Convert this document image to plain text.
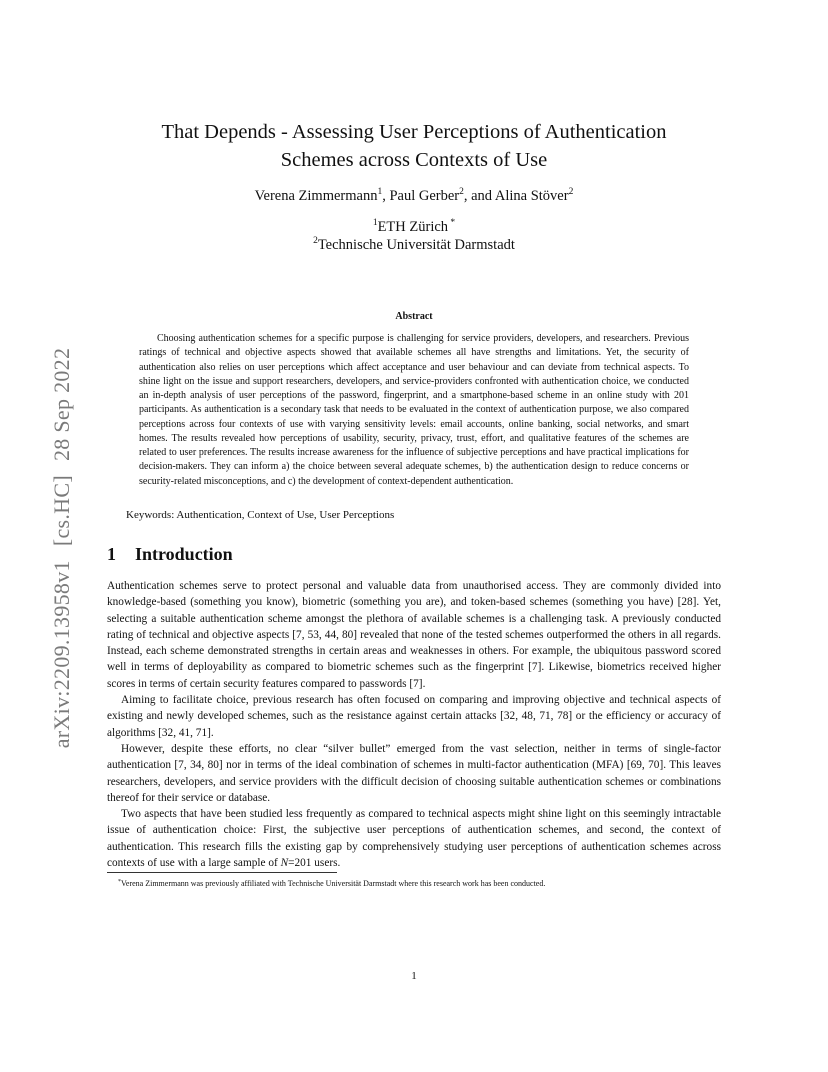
arXiv:2209.13958v1[cs.HC]28 Sep 2022
That Depends - Assessing User Perceptions of Authentication
Schemes across Contexts of Use
Verena Zimmermann$^1$, Paul Gerber$^2$, and Alina Stöver$^2$
$^1$ETH Zürich *
$^2$Technische Universität Darmstadt
Abstract

Choosing authentication schemes for a specific purpose is challenging for service providers, developers, and researchers. Previous ratings of technical and objective aspects showed that available schemes all have strengths and limitations. Yet, the security of authentication also relies on user perceptions which affect acceptance and user behaviour and can deviate from technical aspects. To shine light on the issue and support researchers, developers, and service-providers confronted with authentication choice, we conducted an in-depth analysis of user perceptions of the password, fingerprint, and a smartphone-based scheme in an online study with 201 participants. As authentication is a secondary task that needs to be evaluated in the context of authentication purpose, we also compared perceptions across four contexts of use with varying sensitivity levels: email accounts, online banking, social networks, and smart homes. The results revealed how perceptions of usability, security, privacy, trust, effort, and qualitative features of the schemes are related to user preferences. The results increase awareness for the influence of subjective perceptions and have practical implications for decision-makers. They can inform a) the choice between several adequate schemes, b) the authentication design to reduce concerns or security-related misconceptions, and c) the development of context-dependent authentication.

Keywords: Authentication, Context of Use, User Perceptions
1 Introduction

Authentication schemes serve to protect personal and valuable data from unauthorised access. They are commonly divided into knowledge-based (something you know), biometric (something you are), and token-based schemes (something you have) [28]. Yet, selecting a suitable authentication scheme amongst the plethora of available schemes is a challenging task. A previously conducted rating of technical and objective aspects [7, 53, 44, 80] revealed that none of the tested schemes outperformed the others in all regards. Instead, each scheme demonstrated strengths in certain areas and weaknesses in others. For example, the ubiquitous password scored well in terms of deployability as compared to biometric schemes such as the fingerprint [7]. Likewise, biometrics received higher scores in terms of certain security features compared to passwords [7].

Aiming to facilitate choice, previous research has often focused on comparing and improving objective and technical aspects of existing and newly developed schemes, such as the resistance against certain attacks [32, 48, 71, 78] or the efficiency or accuracy of algorithms [32, 41, 71].

However, despite these efforts, no clear “silver bullet” emerged from the vast selection, neither in terms of single-factor authentication [7, 34, 80] nor in terms of the ideal combination of schemes in multi-factor authentication (MFA) [69, 70]. This leaves researchers, developers, and service providers with the difficult decision of choosing suitable authentication schemes or combinations thereof for their service or database.

Two aspects that have been studied less frequently as compared to technical aspects might shine light on this seemingly intractable issue of authentication choice: First, the subjective user perceptions of authentication schemes, and second, the context of authentication. This research fills the existing gap by comprehensively studying user perceptions of authentication schemes across contexts of use with a large sample of N=201 users.

*Verena Zimmermann was previously affiliated with Technische Universität Darmstadt where this research work has been conducted.
1
